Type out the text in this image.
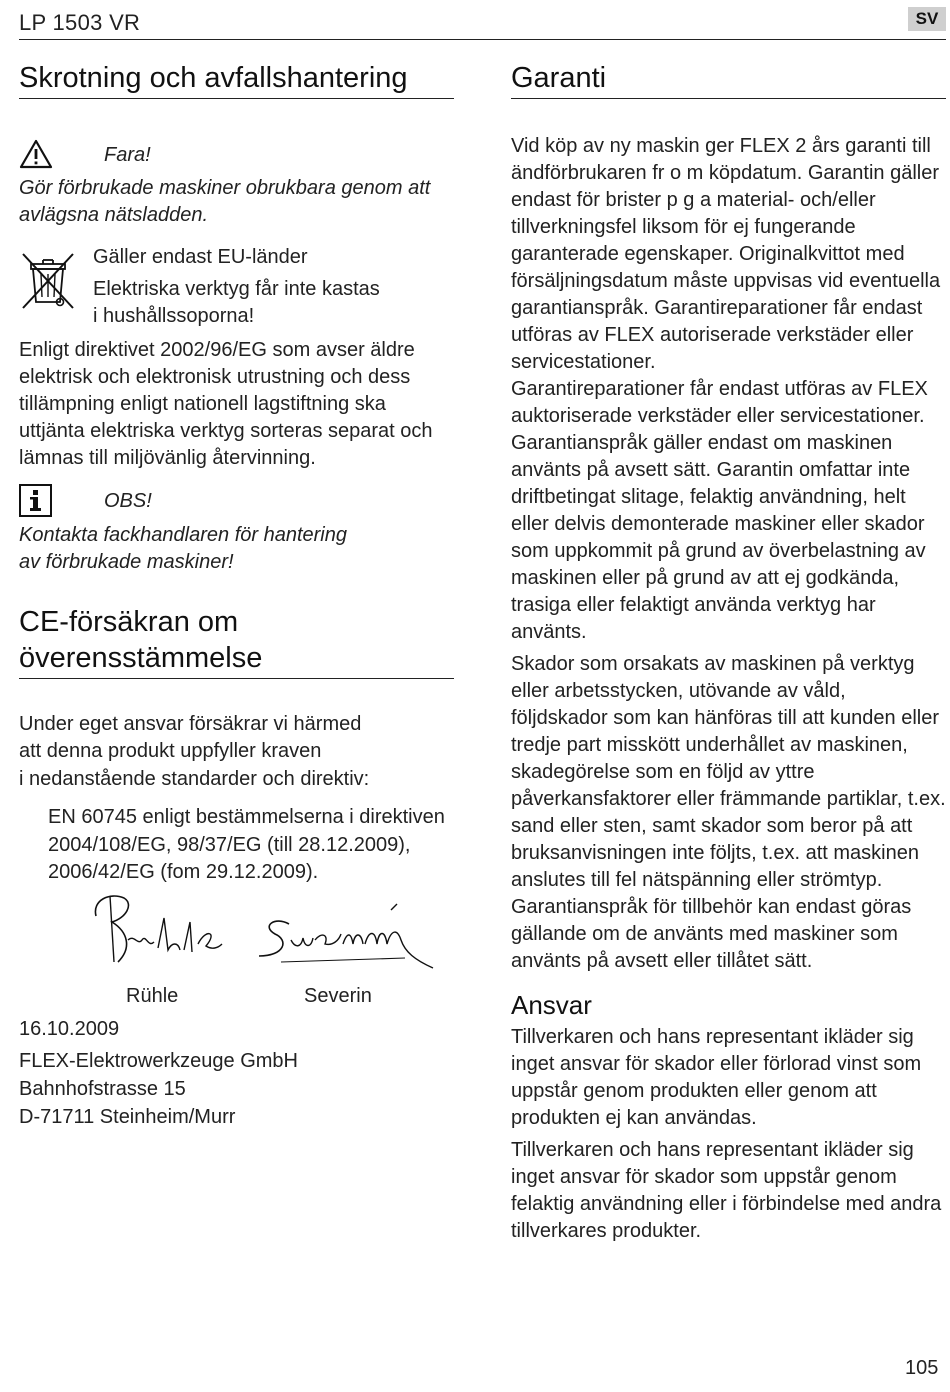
LP 1503 VR	SV
Skrotning och avfallshantering
Fara!
Gör förbrukade maskiner obrukbara genom att avlägsna nätsladden.
Gäller endast EU-länder
Elektriska verktyg får inte kastas
i hushållssoporna!
Enligt direktivet 2002/96/EG som avser äldre elektrisk och elektronisk utrustning och dess tillämpning enligt nationell lagstiftning ska uttjänta elektriska verktyg sorteras separat och lämnas till miljövänlig återvinning.
OBS!
Kontakta fackhandlaren för hantering
av förbrukade maskiner!
CE-försäkran om
överensstämmelse
Under eget ansvar försäkrar vi härmed
att denna produkt uppfyller kraven
i nedanstående standarder och direktiv:
EN 60745 enligt bestämmelserna i direktiven
2004/108/EG, 98/37/EG (till 28.12.2009),
2006/42/EG (fom 29.12.2009).
Rühle	Severin
16.10.2009
FLEX-Elektrowerkzeuge GmbH
Bahnhofstrasse 15
D-71711 Steinheim/Murr
Garanti

Vid köp av ny maskin ger FLEX 2 års garanti till ändförbrukaren fr o m köpdatum. Garantin gäller endast för brister p g a material- och/eller tillverkningsfel liksom för ej fungerande garanterade egenskaper. Originalkvittot med försäljningsdatum måste uppvisas vid eventuella garantianspråk. Garantireparationer får endast utföras av FLEX autoriserade verkstäder eller servicestationer.

Garantireparationer får endast utföras av FLEX auktoriserade verkstäder eller servicestationer.

Garantianspråk gäller endast om maskinen använts på avsett sätt. Garantin omfattar inte driftbetingat slitage, felaktig användning, helt eller delvis demonterade maskiner eller skador som uppkommit på grund av överbelastning av maskinen eller på grund av att ej godkända, trasiga eller felaktigt använda verktyg har använts.

Skador som orsakats av maskinen på verktyg eller arbetsstycken, utövande av våld, följdskador som kan hänföras till att kunden eller tredje part misskött underhållet av maskinen, skadegörelse som en följd av yttre påverkansfaktorer eller främmande partiklar, t.ex. sand eller sten, samt skador som beror på att bruksanvisningen inte följts, t.ex. att maskinen anslutes till fel nätspänning eller strömtyp. Garantianspråk för tillbehör kan endast göras gällande om de använts med maskiner som använts på avsett eller tillåtet sätt.

Ansvar

Tillverkaren och hans representant ikläder sig inget ansvar för skador eller förlorad vinst som uppstår genom produkten eller genom att produkten ej kan användas.

Tillverkaren och hans representant ikläder sig inget ansvar för skador som uppstår genom felaktig användning eller i förbindelse med andra tillverkares produkter.

105
